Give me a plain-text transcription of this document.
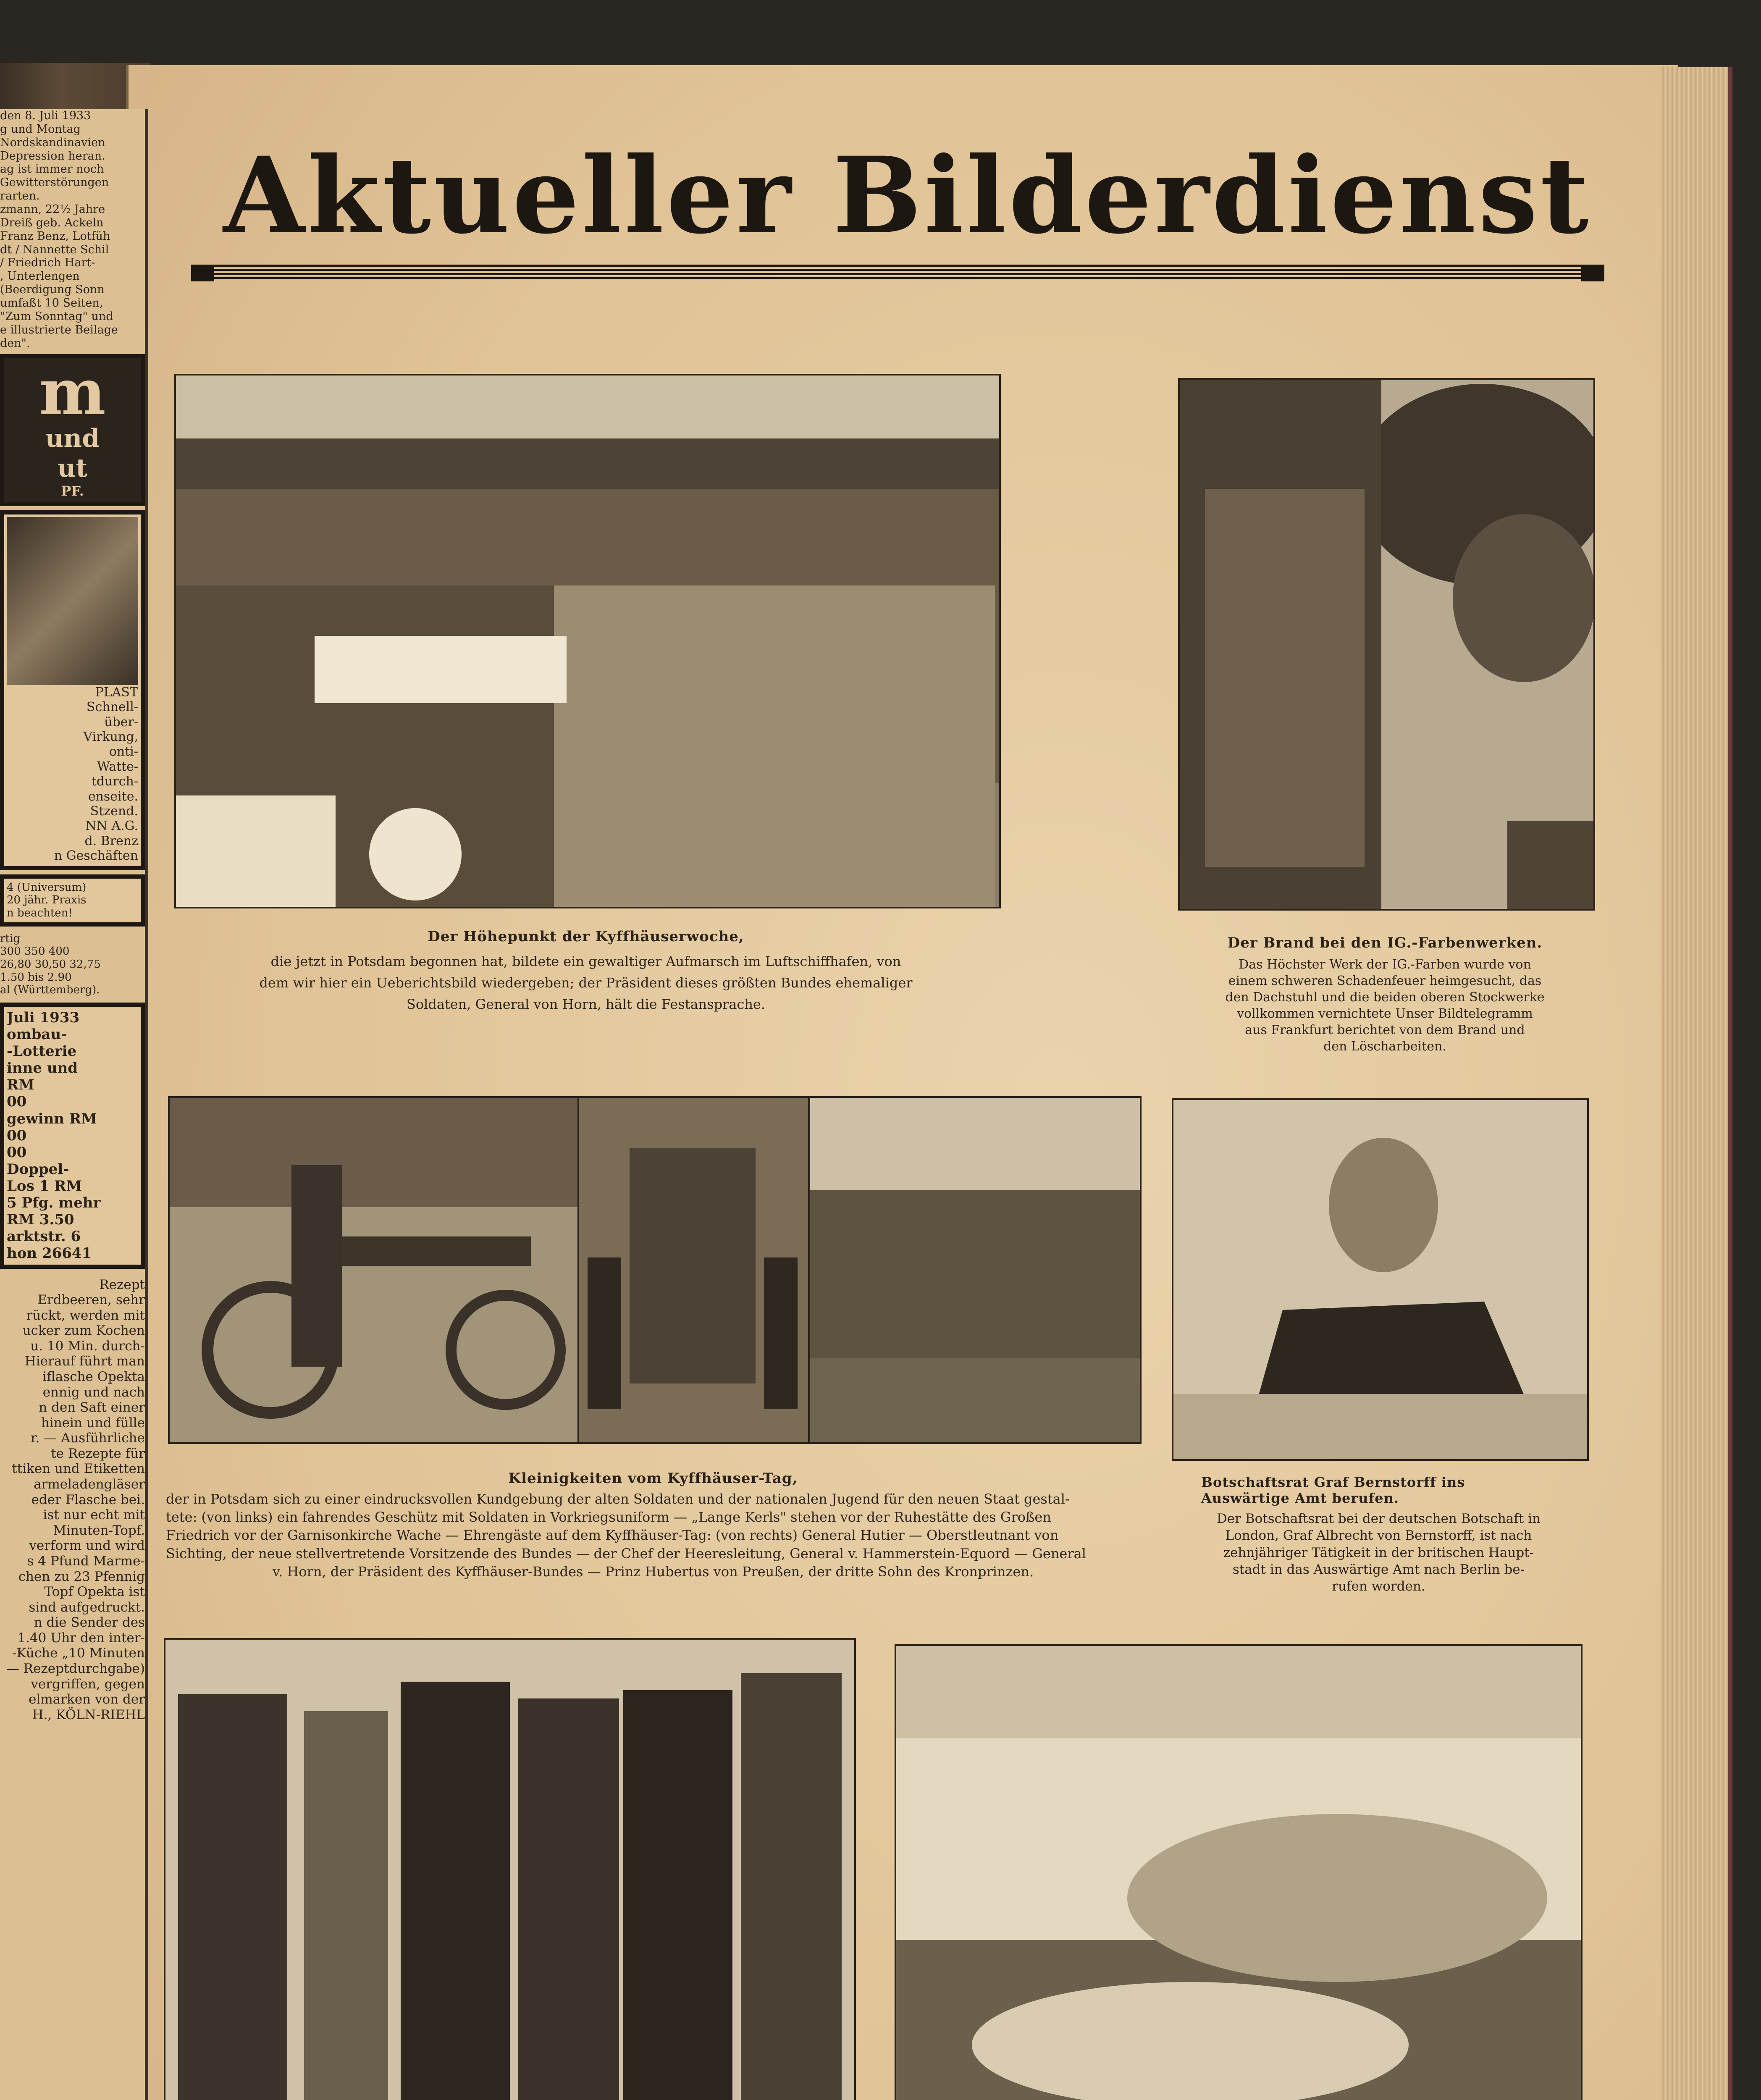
den 8. Juli 1933
g und Montag
Nordskandinavien
Depression heran.
ag ist immer noch
Gewitterstörungen
rarten.
zmann, 22½ Jahre
Dreiß geb. Ackeln
Franz Benz, Lotfüh
dt / Nannette Schil
/ Friedrich Hart-
, Unterlengen
(Beerdigung Sonn
umfaßt 10 Seiten,
"Zum Sonntag" und
e illustrierte Beilage
den".
m
und
ut
PF.
PLAST
Schnell-
über-
Virkung,
onti-
Watte-
tdurch-
enseite.
Stzend.
NN A.G.
d. Brenz
n Geschäften
4 (Universum)
20 jähr. Praxis
n beachten!
rtig
300 350 400
26,80 30,50 32,75
1.50 bis 2.90
al (Württemberg).
Juli 1933
ombau-
-Lotterie
inne und
RM
00
gewinn RM
00
00
Doppel-
Los 1 RM
5 Pfg. mehr
RM 3.50
arktstr. 6
hon 26641
Rezept
Erdbeeren, sehr
rückt, werden mit
ucker zum Kochen
u. 10 Min. durch-
Hierauf führt man
iflasche Opekta
ennig und nach
n den Saft einer
hinein und fülle
r. — Ausführliche
te Rezepte für
ttiken und Etiketten
armeladengläser
eder Flasche bei.
ist nur echt mit
Minuten-Topf.
verform und wird
s 4 Pfund Marme-
chen zu 23 Pfennig
Topf Opekta ist
sind aufgedruckt.
n die Sender des
1.40 Uhr den inter-
-Küche „10 Minuten
— Rezeptdurchgabe)
vergriffen, gegen
elmarken von der
H., KÖLN-RIEHL
Aktueller Bilderdienst
Der Höhepunkt der Kyffhäuserwoche,
die jetzt in Potsdam begonnen hat, bildete ein gewaltiger Aufmarsch im Luftschiffhafen, von
dem wir hier ein Ueberichtsbild wiedergeben; der Präsident dieses größten Bundes ehemaliger
Soldaten, General von Horn, hält die Festansprache.
Der Brand bei den IG.-Farbenwerken.
Das Höchster Werk der IG.-Farben wurde von
einem schweren Schadenfeuer heimgesucht, das
den Dachstuhl und die beiden oberen Stockwerke
vollkommen vernichtete Unser Bildtelegramm
aus Frankfurt berichtet von dem Brand und
den Löscharbeiten.
Kleinigkeiten vom Kyffhäuser-Tag,
der in Potsdam sich zu einer eindrucksvollen Kundgebung der alten Soldaten und der nationalen Jugend für den neuen Staat gestal-
tete: (von links) ein fahrendes Geschütz mit Soldaten in Vorkriegsuniform — „Lange Kerls" stehen vor der Ruhestätte des Großen
Friedrich vor der Garnisonkirche Wache — Ehrengäste auf dem Kyffhäuser-Tag: (von rechts) General Hutier — Oberstleutnant von
Sichting, der neue stellvertretende Vorsitzende des Bundes — der Chef der Heeresleitung, General v. Hammerstein-Equord — General
v. Horn, der Präsident des Kyffhäuser-Bundes — Prinz Hubertus von Preußen, der dritte Sohn des Kronprinzen.
Botschaftsrat Graf Bernstorff ins Auswärtige Amt berufen.
Der Botschaftsrat bei der deutschen Botschaft in
London, Graf Albrecht von Bernstorff, ist nach
zehnjähriger Tätigkeit in der britischen Haupt-
stadt in das Auswärtige Amt nach Berlin be-
rufen worden.
